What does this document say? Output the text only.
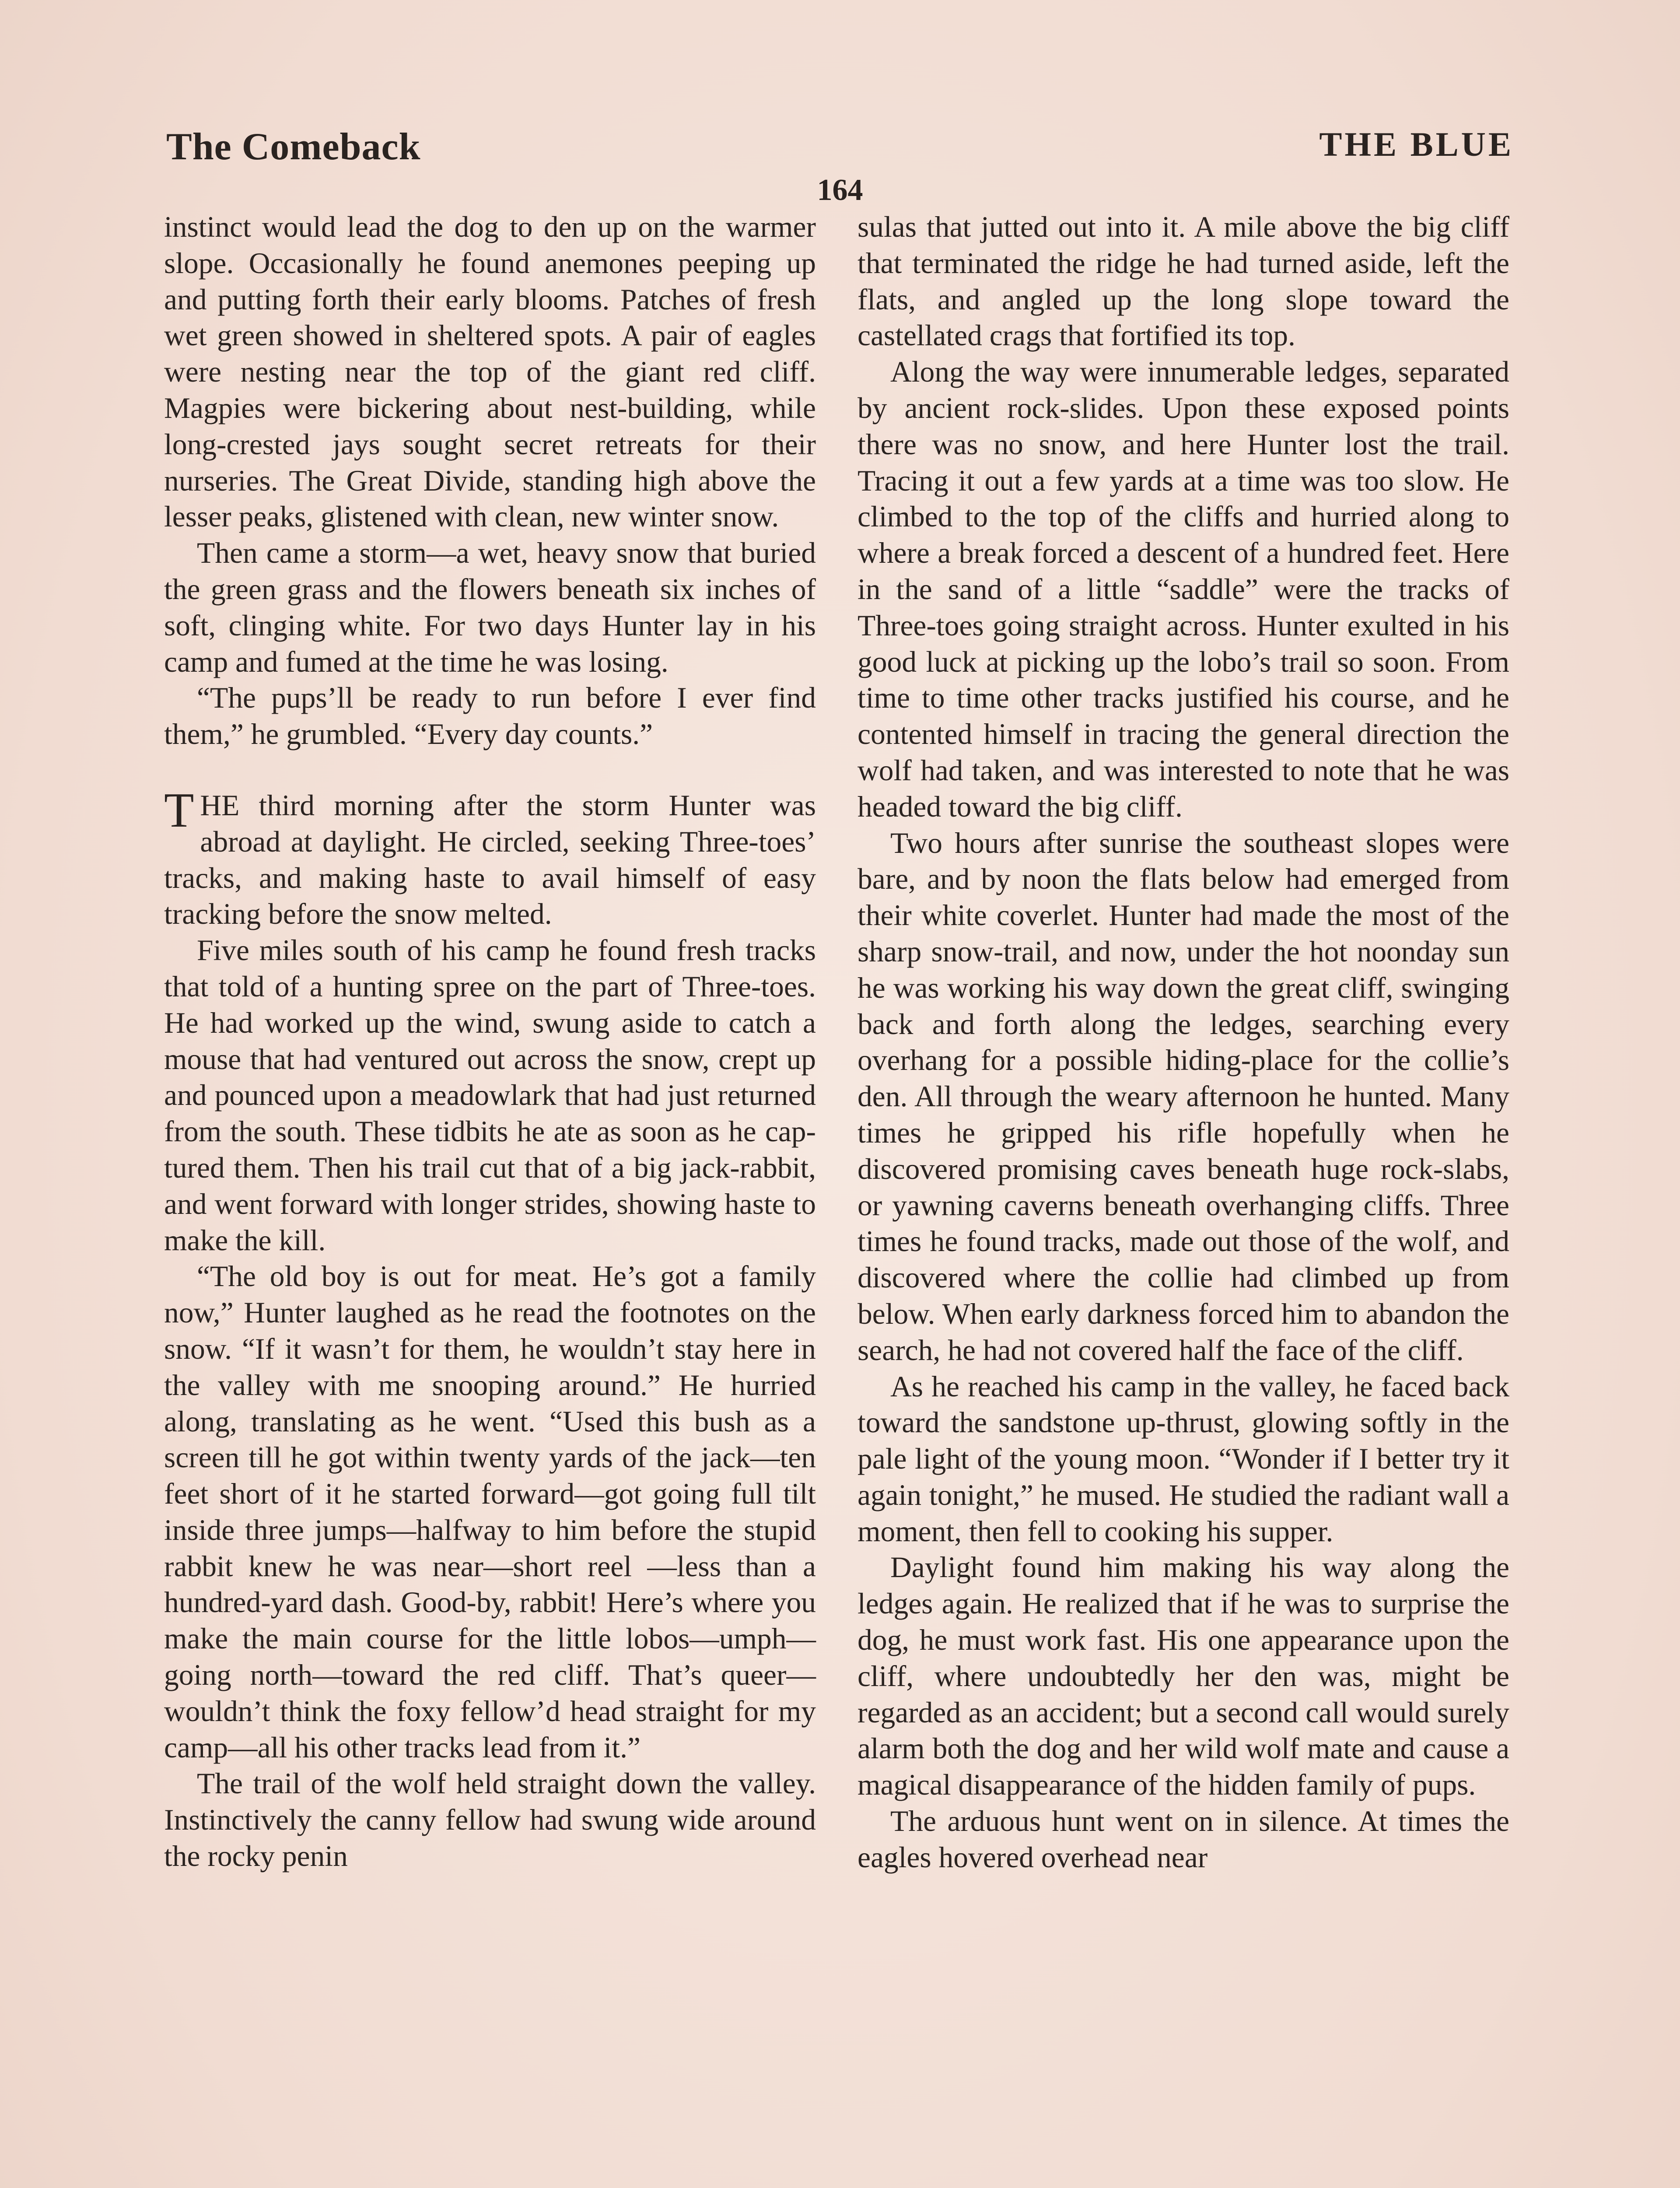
The Comeback	THE BLUE
164

instinct would lead the dog to den up on the warmer slope. Occasionally he found anemones peeping up and putting forth their early blooms. Patches of fresh wet green showed in sheltered spots. A pair of eagles were nesting near the top of the giant red cliff. Magpies were bickering about nest-building, while long-crested jays sought secret retreats for their nurseries. The Great Divide, standing high above the lesser peaks, glistened with clean, new winter snow.

Then came a storm—a wet, heavy snow that buried the green grass and the flowers beneath six inches of soft, clinging white. For two days Hunter lay in his camp and fumed at the time he was losing.

“The pups’ll be ready to run before I ever find them,” he grumbled. “Every day counts.”

THE third morning after the storm Hunter was abroad at daylight. He circled, seeking Three-toes’ tracks, and making haste to avail himself of easy tracking before the snow melted.

Five miles south of his camp he found fresh tracks that told of a hunting spree on the part of Three-toes. He had worked up the wind, swung aside to catch a mouse that had ventured out across the snow, crept up and pounced upon a meadowlark that had just returned from the south. These tidbits he ate as soon as he captured them. Then his trail cut that of a big jack-rabbit, and went forward with longer strides, showing haste to make the kill.

“The old boy is out for meat. He’s got a family now,” Hunter laughed as he read the footnotes on the snow. “If it wasn’t for them, he wouldn’t stay here in the valley with me snooping around.” He hurried along, translating as he went. “Used this bush as a screen till he got within twenty yards of the jack—ten feet short of it he started forward—got going full tilt inside three jumps—halfway to him before the stupid rabbit knew he was near—short reel —less than a hundred-yard dash. Good-by, rabbit! Here’s where you make the main course for the little lobos—umph—going north—toward the red cliff. That’s queer—wouldn’t think the foxy fellow’d head straight for my camp—all his other tracks lead from it.”

The trail of the wolf held straight down the valley. Instinctively the canny fellow had swung wide around the rocky penin

sulas that jutted out into it. A mile above the big cliff that terminated the ridge he had turned aside, left the flats, and angled up the long slope toward the castellated crags that fortified its top.

Along the way were innumerable ledges, separated by ancient rock-slides. Upon these exposed points there was no snow, and here Hunter lost the trail. Tracing it out a few yards at a time was too slow. He climbed to the top of the cliffs and hurried along to where a break forced a descent of a hundred feet. Here in the sand of a little “saddle” were the tracks of Three-toes going straight across. Hunter exulted in his good luck at picking up the lobo’s trail so soon. From time to time other tracks justified his course, and he contented himself in tracing the general direction the wolf had taken, and was interested to note that he was headed toward the big cliff.

Two hours after sunrise the southeast slopes were bare, and by noon the flats below had emerged from their white coverlet. Hunter had made the most of the sharp snow-trail, and now, under the hot noonday sun he was working his way down the great cliff, swinging back and forth along the ledges, searching every overhang for a possible hiding-place for the collie’s den. All through the weary afternoon he hunted. Many times he gripped his rifle hopefully when he discovered promising caves beneath huge rock-slabs, or yawning caverns beneath overhanging cliffs. Three times he found tracks, made out those of the wolf, and discovered where the collie had climbed up from below. When early darkness forced him to abandon the search, he had not covered half the face of the cliff.

As he reached his camp in the valley, he faced back toward the sandstone up-thrust, glowing softly in the pale light of the young moon. “Wonder if I better try it again tonight,” he mused. He studied the radiant wall a moment, then fell to cooking his supper.

Daylight found him making his way along the ledges again. He realized that if he was to surprise the dog, he must work fast. His one appearance upon the cliff, where undoubtedly her den was, might be regarded as an accident; but a second call would surely alarm both the dog and her wild wolf mate and cause a magical disappearance of the hidden family of pups.

The arduous hunt went on in silence. At times the eagles hovered overhead near
